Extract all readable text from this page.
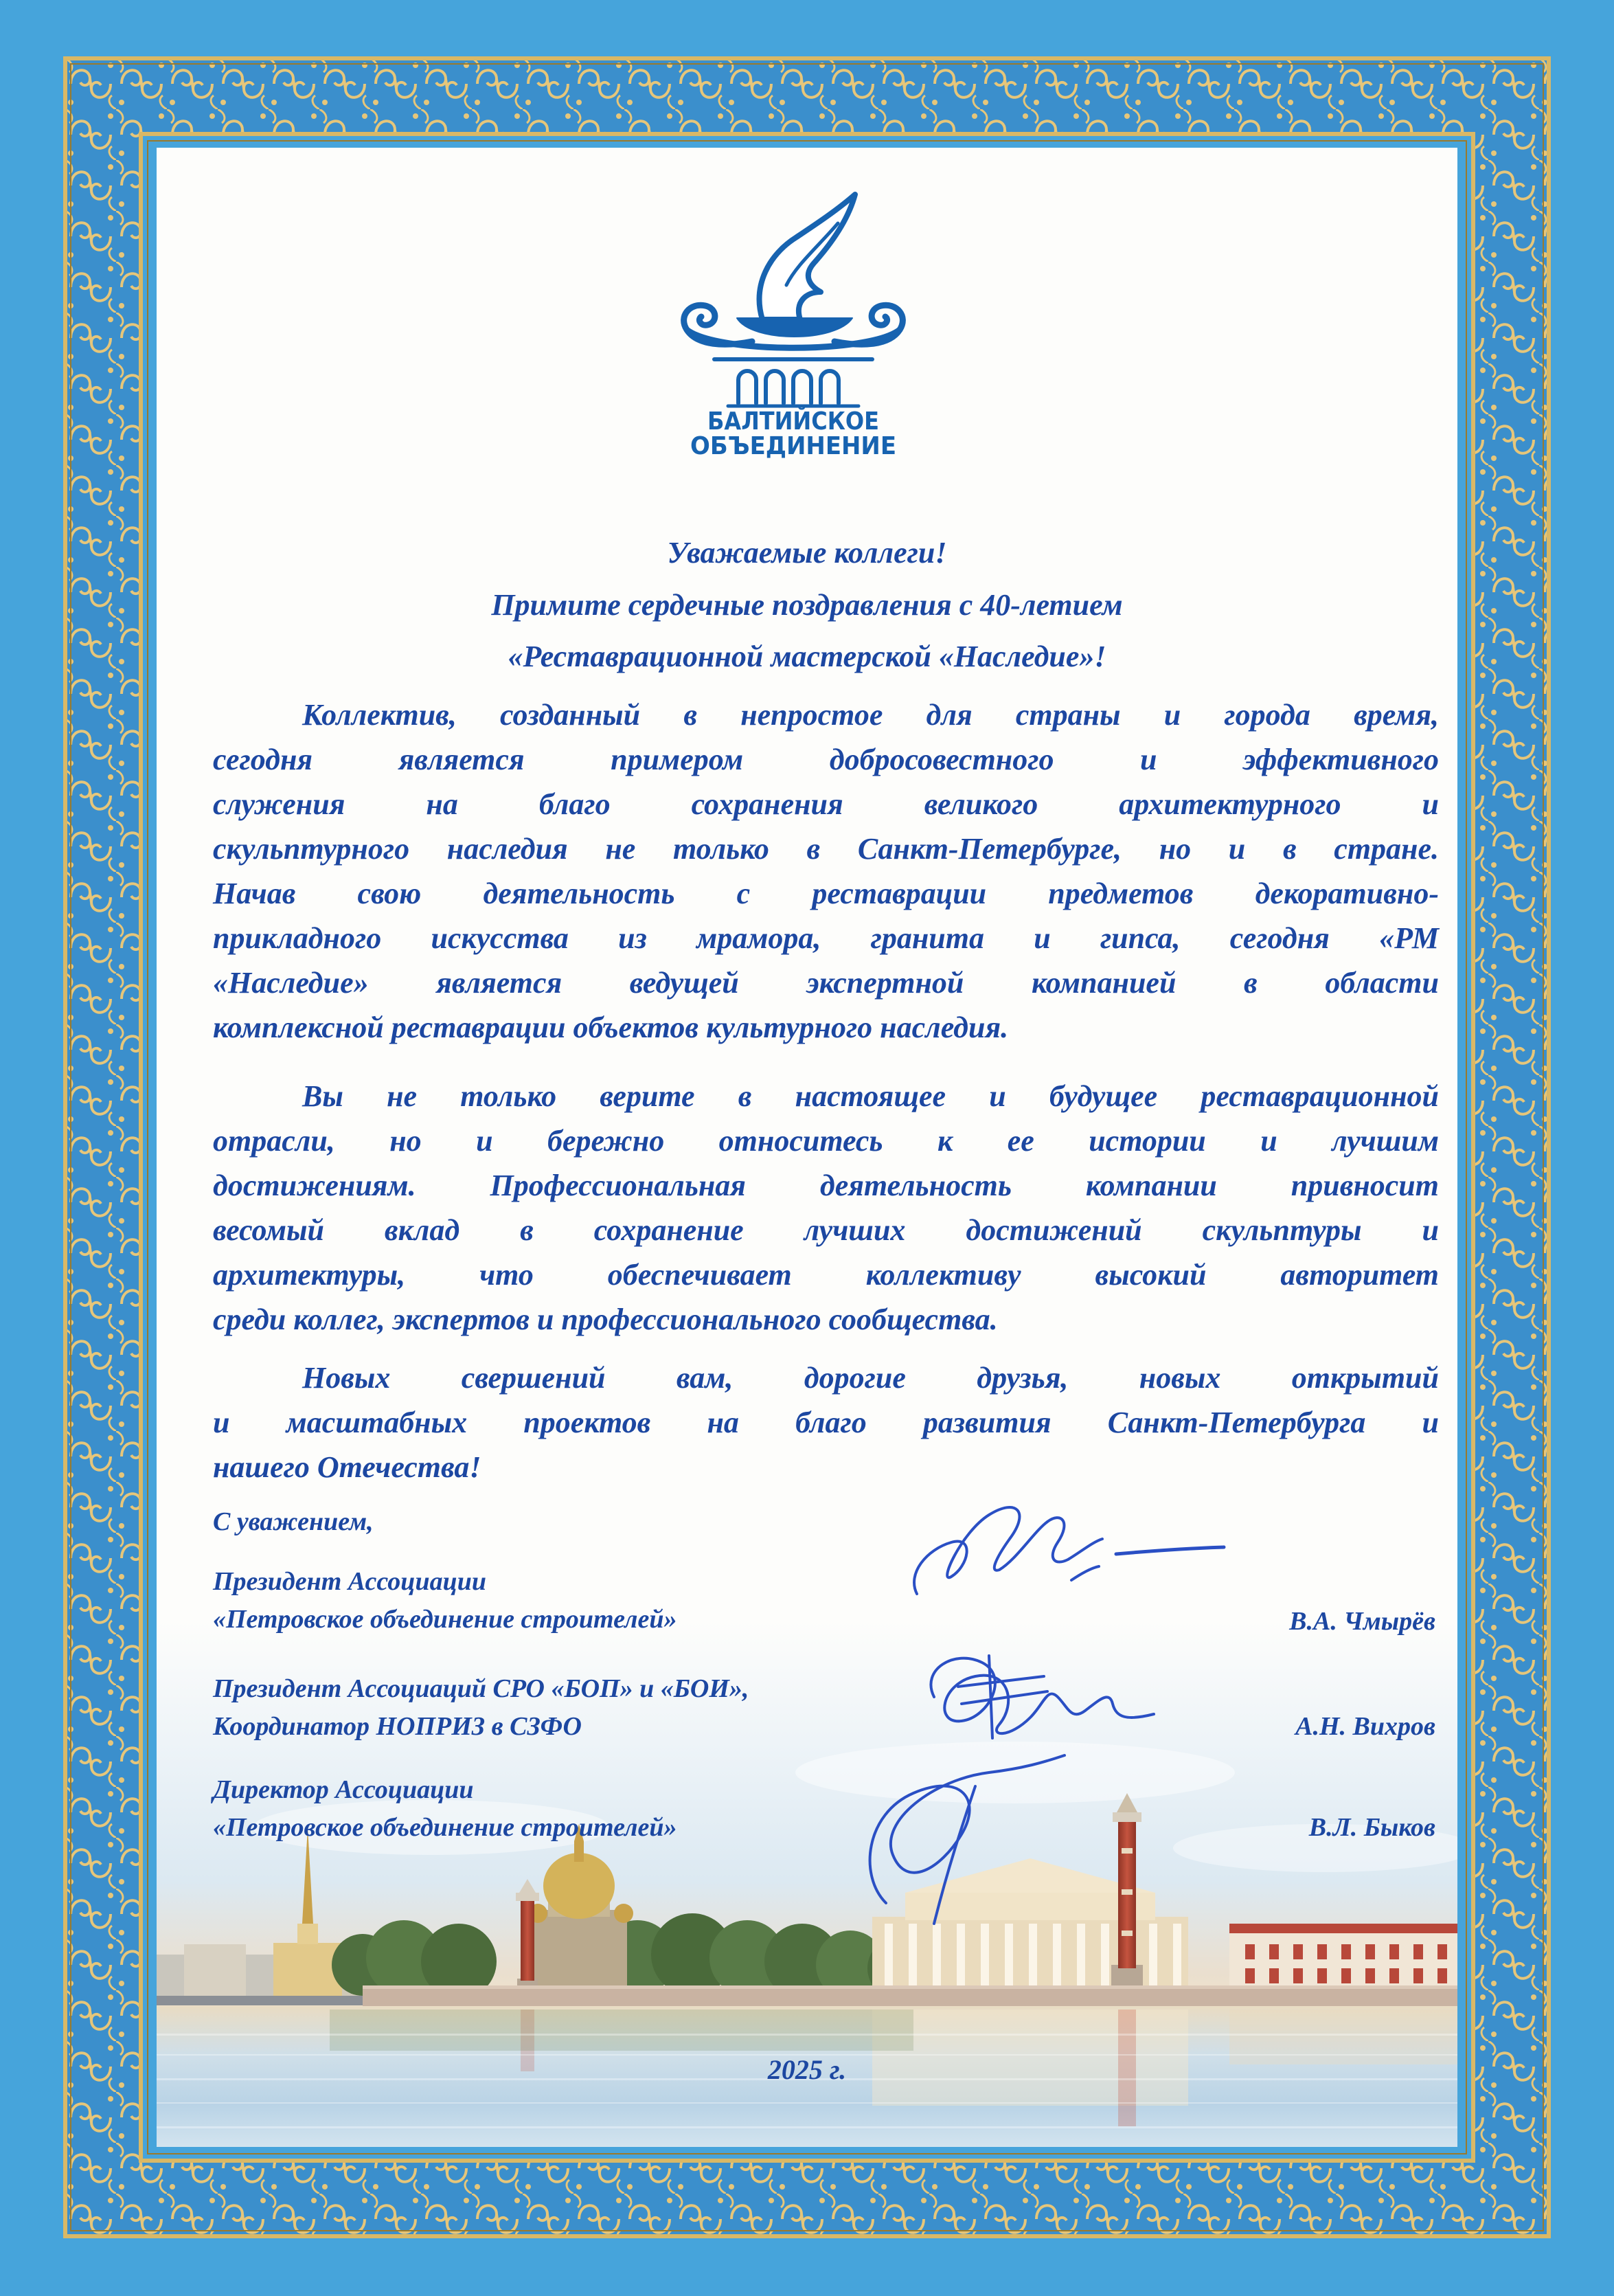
БАЛТИЙСКОЕ
ОБЪЕДИНЕНИЕ
Уважаемые коллеги!
Примите сердечные поздравления с 40-летием
«Реставрационной мастерской «Наследие»!
Коллектив, созданный в непростое для страны и города время,
сегодня является примером добросовестного и эффективного
служения на благо сохранения великого архитектурного и
скульптурного наследия не только в Санкт-Петербурге, но и в стране.
Начав свою деятельность с реставрации предметов декоративно-
прикладного искусства из мрамора, гранита и гипса, сегодня «РМ
«Наследие» является ведущей экспертной компанией в области
комплексной реставрации объектов культурного наследия.
Вы не только верите в настоящее и будущее реставрационной
отрасли, но и бережно относитесь к ее истории и лучшим
достижениям. Профессиональная деятельность компании привносит
весомый вклад в сохранение лучших достижений скульптуры и
архитектуры, что обеспечивает коллективу высокий авторитет
среди коллег, экспертов и профессионального сообщества.
Новых свершений вам, дорогие друзья, новых открытий
и масштабных проектов на благо развития Санкт-Петербурга и
нашего Отечества!
С уважением,
Президент Ассоциации
«Петровское объединение строителей»	В.А. Чмырёв
Президент Ассоциаций СРО «БОП» и «БОИ»,
Координатор НОПРИЗ в СЗФО	А.Н. Вихров
Директор Ассоциации
«Петровское объединение строителей»	В.Л. Быков
2025 г.
